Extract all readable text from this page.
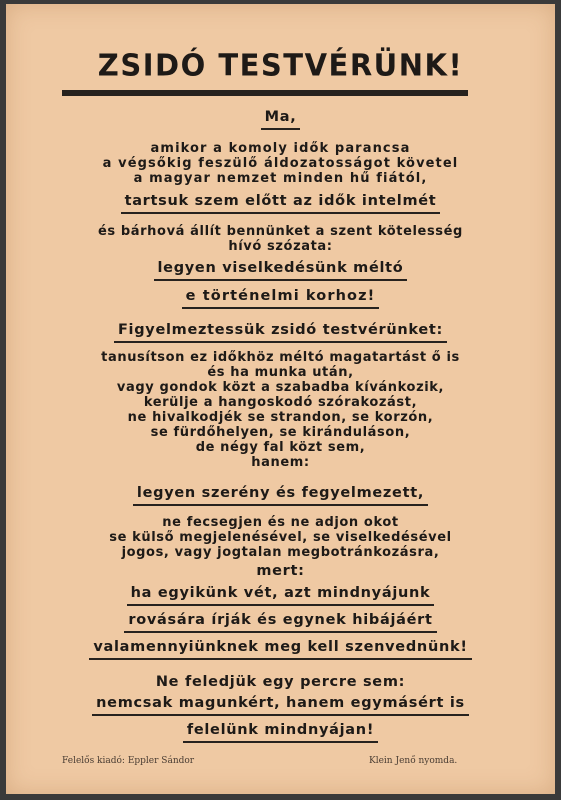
ZSIDÓ TESTVÉRÜNK!
Ma,
amikor a komoly idők parancsa
a végsőkig feszülő áldozatosságot követel
a magyar nemzet minden hű fiától,
tartsuk szem előtt az idők intelmét
és bárhová állít bennünket a szent kötelesség
hívó szózata:
legyen viselkedésünk méltó
e történelmi korhoz!
Figyelmeztessük zsidó testvérünket:
tanusítson ez időkhöz méltó magatartást ő is
és ha munka után,
vagy gondok közt a szabadba kívánkozik,
kerülje a hangoskodó szórakozást,
ne hivalkodjék se strandon, se korzón,
se fürdőhelyen, se kiránduláson,
de négy fal közt sem,
hanem:
legyen szerény és fegyelmezett,
ne fecsegjen és ne adjon okot
se külső megjelenésével, se viselkedésével
jogos, vagy jogtalan megbotránkozásra,
mert:
ha egyikünk vét, azt mindnyájunk
rovására írják és egynek hibájáért
valamennyiünknek meg kell szenvednünk!
Ne feledjük egy percre sem:
nemcsak magunkért, hanem egymásért is
felelünk mindnyájan!
Felelős kiadó: Eppler Sándor	Klein Jenő nyomda.
